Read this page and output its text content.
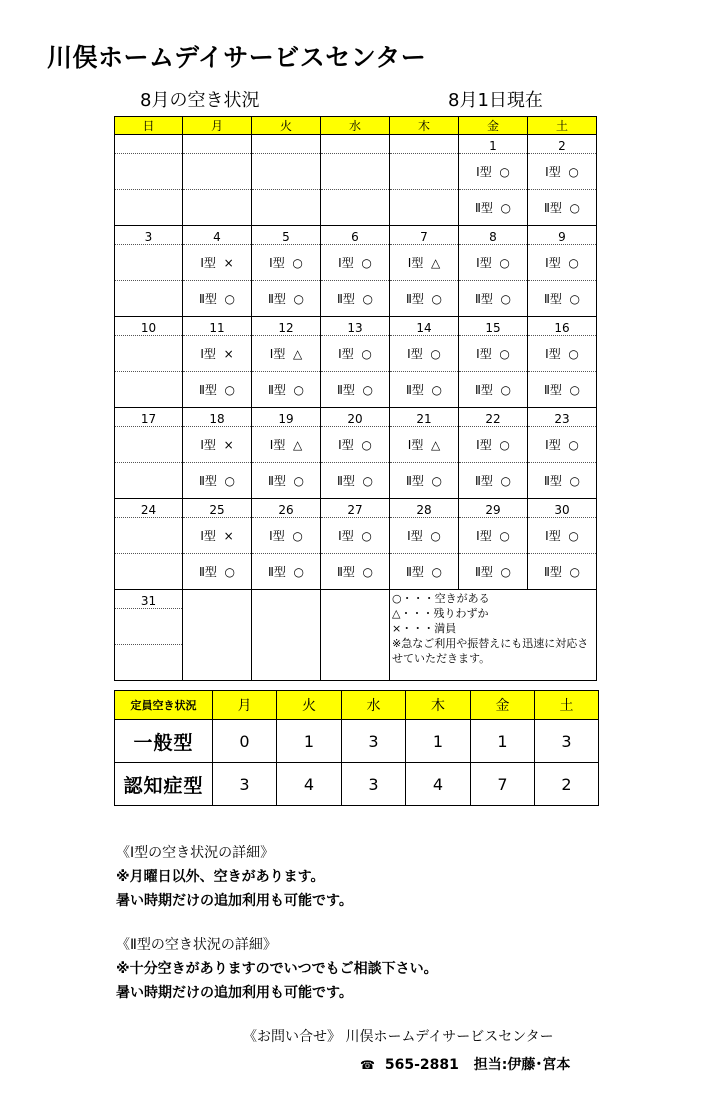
川俣ホームデイサービスセンター
8月の空き状況	8月1日現在
日	月	火	水	木	金	土
					1	2
					Ⅰ型 ○	Ⅰ型 ○
					Ⅱ型 ○	Ⅱ型 ○
3	4	5	6	7	8	9
	Ⅰ型 ×	Ⅰ型 ○	Ⅰ型 ○	Ⅰ型 △	Ⅰ型 ○	Ⅰ型 ○
	Ⅱ型 ○	Ⅱ型 ○	Ⅱ型 ○	Ⅱ型 ○	Ⅱ型 ○	Ⅱ型 ○
10	11	12	13	14	15	16
	Ⅰ型 ×	Ⅰ型 △	Ⅰ型 ○	Ⅰ型 ○	Ⅰ型 ○	Ⅰ型 ○
	Ⅱ型 ○	Ⅱ型 ○	Ⅱ型 ○	Ⅱ型 ○	Ⅱ型 ○	Ⅱ型 ○
17	18	19	20	21	22	23
	Ⅰ型 ×	Ⅰ型 △	Ⅰ型 ○	Ⅰ型 △	Ⅰ型 ○	Ⅰ型 ○
	Ⅱ型 ○	Ⅱ型 ○	Ⅱ型 ○	Ⅱ型 ○	Ⅱ型 ○	Ⅱ型 ○
24	25	26	27	28	29	30
	Ⅰ型 ×	Ⅰ型 ○	Ⅰ型 ○	Ⅰ型 ○	Ⅰ型 ○	Ⅰ型 ○
	Ⅱ型 ○	Ⅱ型 ○	Ⅱ型 ○	Ⅱ型 ○	Ⅱ型 ○	Ⅱ型 ○
31				○・・・空きがある
△・・・残りわずか
×・・・満員
※急なご利用や振替えにも迅速に対応させていただきます。		

定員空き状況	月	火	水	木	金	土
一般型	0	1	3	1	1	3
認知症型	3	4	3	4	7	2
《Ⅰ型の空き状況の詳細》
※月曜日以外、空きがあります。
暑い時期だけの追加利用も可能です。
《Ⅱ型の空き状況の詳細》
※十分空きがありますのでいつでもご相談下さい。
暑い時期だけの追加利用も可能です。
《お問い合せ》 川俣ホームデイサービスセンター
☎ 565-2881 担当:伊藤･宮本
